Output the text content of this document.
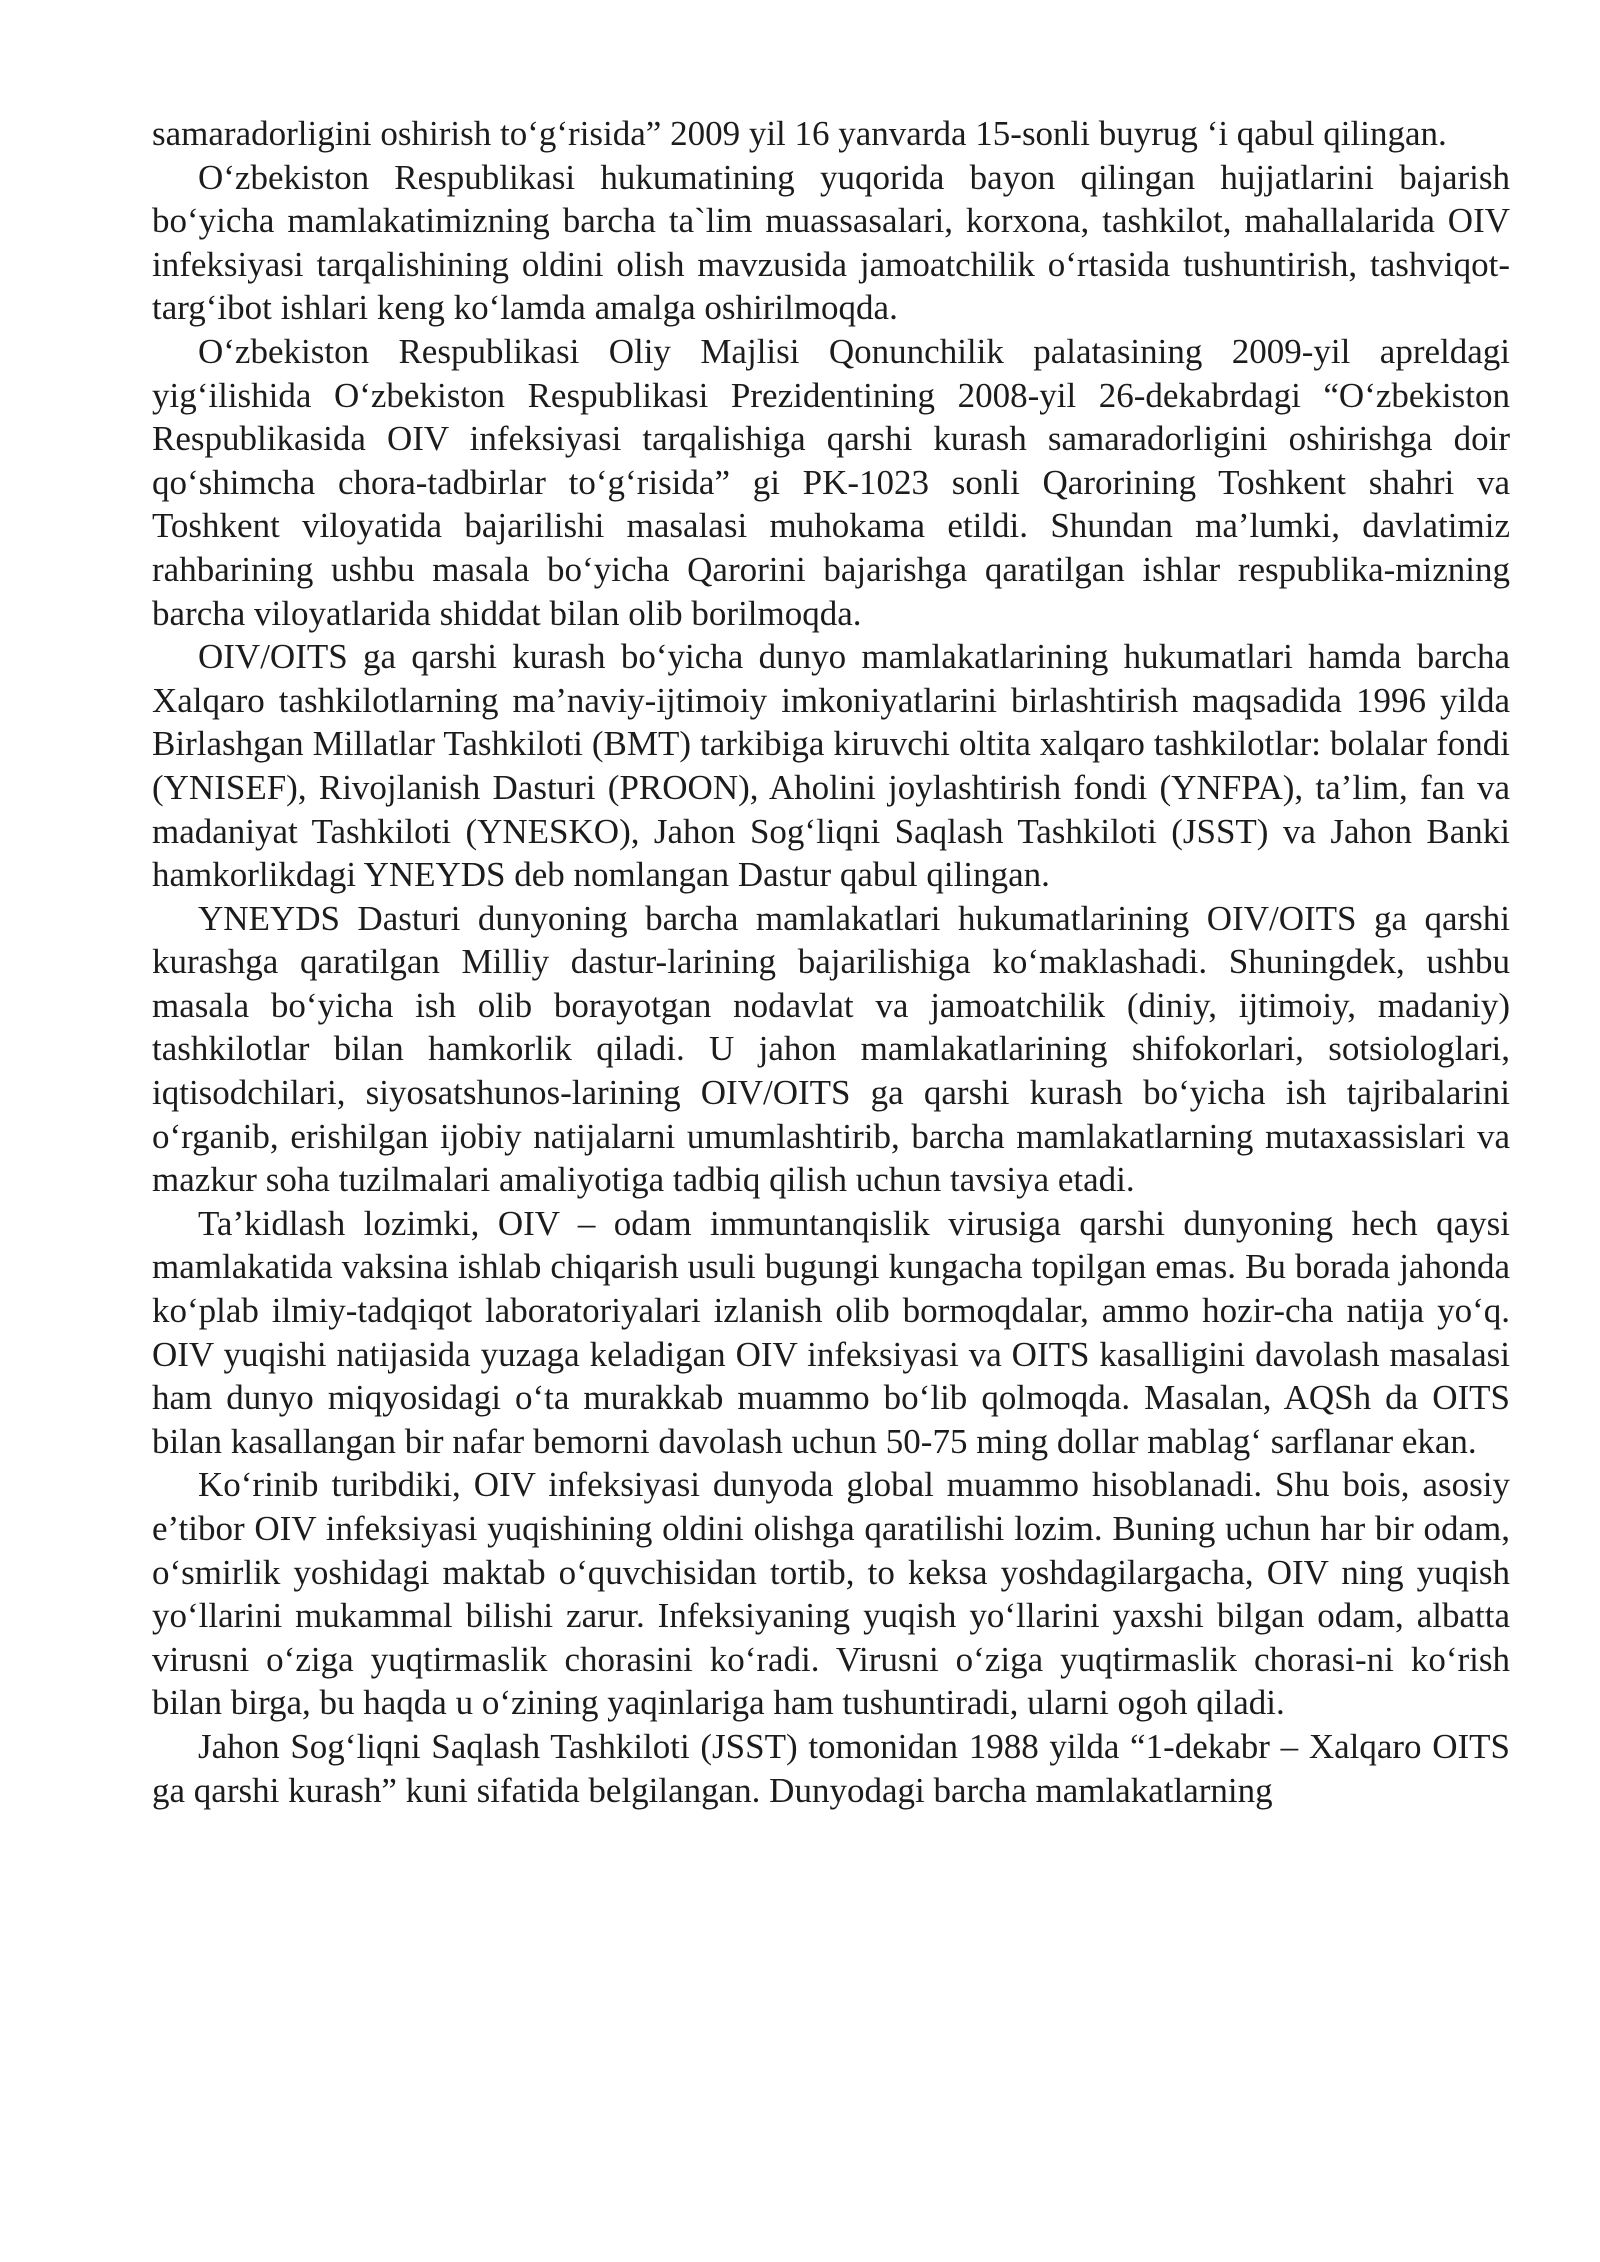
samaradorligini oshirish to‘g‘risida” 2009 yil 16 yanvarda 15-sonli buyrug ‘i qabul qilingan.

O‘zbekiston Respublikasi hukumatining yuqorida bayon qilingan hujjatlarini bajarish bo‘yicha mamlakatimizning barcha ta`lim muassasalari, korxona, tashkilot, mahallalarida OIV infeksiyasi tarqalishining oldini olish mavzusida jamoatchilik o‘rtasida tushuntirish, tashviqot-targ‘ibot ishlari keng ko‘lamda amalga oshirilmoqda.

O‘zbekiston Respublikasi Oliy Majlisi Qonunchilik palatasining 2009-yil apreldagi yig‘ilishida O‘zbekiston Respublikasi Prezidentining 2008-yil 26-dekabrdagi “O‘zbekiston Respublikasida OIV infeksiyasi tarqalishiga qarshi kurash samaradorligini oshirishga doir qo‘shimcha chora-tadbirlar to‘g‘risida” gi PK-1023 sonli Qarorining Toshkent shahri va Toshkent viloyatida bajarilishi masalasi muhokama etildi. Shundan ma’lumki, davlatimiz rahbarining ushbu masala bo‘yicha Qarorini bajarishga qaratilgan ishlar respublika-mizning barcha viloyatlarida shiddat bilan olib borilmoqda.

OIV/OITS ga qarshi kurash bo‘yicha dunyo mamlakatlarining hukumatlari hamda barcha Xalqaro tashkilotlarning ma’naviy-ijtimoiy imkoniyatlarini birlashtirish maqsadida 1996 yilda Birlashgan Millatlar Tashkiloti (BMT) tarkibiga kiruvchi oltita xalqaro tashkilotlar: bolalar fondi (YNISEF), Rivojlanish Dasturi (PROON), Aholini joylashtirish fondi (YNFPA), ta’lim, fan va madaniyat Tashkiloti (YNESKO), Jahon Sog‘liqni Saqlash Tashkiloti (JSST) va Jahon Banki hamkorlikdagi YNEYDS deb nomlangan Dastur qabul qilingan.

YNEYDS Dasturi dunyoning barcha mamlakatlari hukumatlarining OIV/OITS ga qarshi kurashga qaratilgan Milliy dastur-larining bajarilishiga ko‘maklashadi. Shuningdek, ushbu masala bo‘yicha ish olib borayotgan nodavlat va jamoatchilik (diniy, ijtimoiy, madaniy) tashkilotlar bilan hamkorlik qiladi. U jahon mamlakatlarining shifokorlari, sotsiologlari, iqtisodchilari, siyosatshunos-larining OIV/OITS ga qarshi kurash bo‘yicha ish tajribalarini o‘rganib, erishilgan ijobiy natijalarni umumlashtirib, barcha mamlakatlarning mutaxassislari va mazkur soha tuzilmalari amaliyotiga tadbiq qilish uchun tavsiya etadi.

Ta’kidlash lozimki, OIV – odam immuntanqislik virusiga qarshi dunyoning hech qaysi mamlakatida vaksina ishlab chiqarish usuli bugungi kungacha topilgan emas. Bu borada jahonda ko‘plab ilmiy-tadqiqot laboratoriyalari izlanish olib bormoqdalar, ammo hozir-cha natija yo‘q. OIV yuqishi natijasida yuzaga keladigan OIV infeksiyasi va OITS kasalligini davolash masalasi ham dunyo miqyosidagi o‘ta murakkab muammo bo‘lib qolmoqda. Masalan, AQSh da OITS bilan kasallangan bir nafar bemorni davolash uchun 50-75 ming dollar mablag‘ sarflanar ekan.

Ko‘rinib turibdiki, OIV infeksiyasi dunyoda global muammo hisoblanadi. Shu bois, asosiy e’tibor OIV infeksiyasi yuqishining oldini olishga qaratilishi lozim. Buning uchun har bir odam, o‘smirlik yoshidagi maktab o‘quvchisidan tortib, to keksa yoshdagilargacha, OIV ning yuqish yo‘llarini mukammal bilishi zarur. Infeksiyaning yuqish yo‘llarini yaxshi bilgan odam, albatta virusni o‘ziga yuqtirmaslik chorasini ko‘radi. Virusni o‘ziga yuqtirmaslik chorasi-ni ko‘rish bilan birga, bu haqda u o‘zining yaqinlariga ham tushuntiradi, ularni ogoh qiladi.

Jahon Sog‘liqni Saqlash Tashkiloti (JSST) tomonidan 1988 yilda “1-dekabr – Xalqaro OITS ga qarshi kurash” kuni sifatida belgilangan. Dunyodagi barcha mamlakatlarning
